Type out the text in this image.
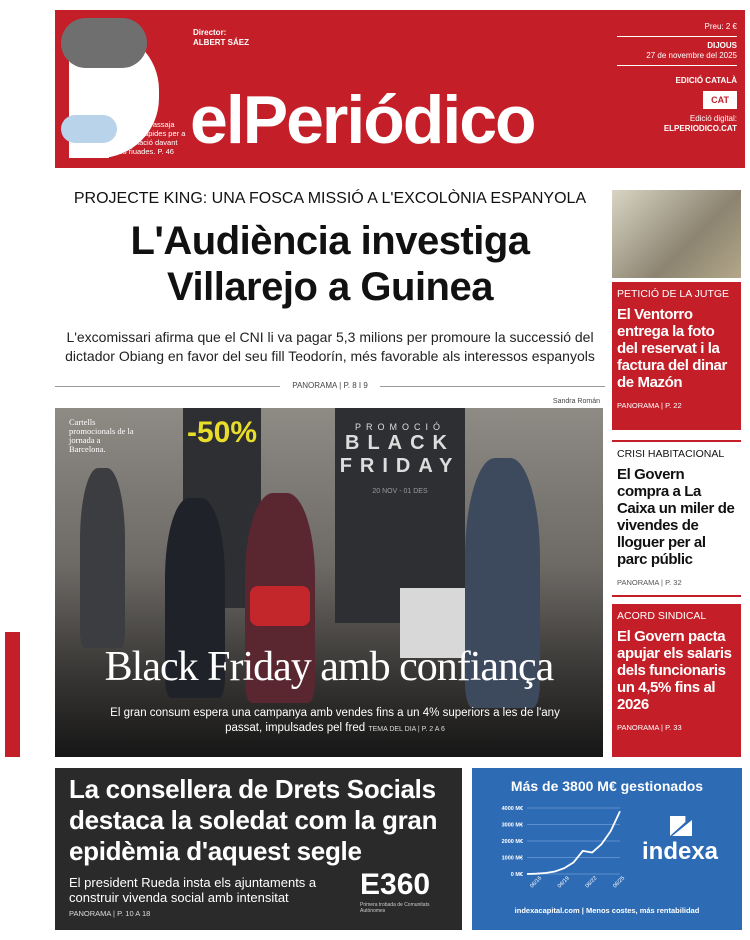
Catalunya assaja alertes ràpides per a la població davant les riuades. P. 46
Director:
ALBERT SÁEZ
elPeriódico
Preu: 2 €
DIJOUS
27 de novembre del 2025
EDICIÓ CATALÀ
CAT
Edició digital:
ELPERIODICO.CAT
PROJECTE KING: UNA FOSCA MISSIÓ A L'EXCOLÒNIA ESPANYOLA
L'Audiència investiga Villarejo a Guinea
L'excomissari afirma que el CNI li va pagar 5,3 milions per promoure la successió del dictador Obiang en favor del seu fill Teodorín, més favorable als interessos espanyols
PANORAMA | P. 8 I 9
Sandra Román
-50%	PROMOCIÓ
BLACK
FRIDAY
20 NOV - 01 DES
Cartells promocionals de la jornada a Barcelona.
Black Friday amb confiança
El gran consum espera una campanya amb vendes fins a un 4% superiors a les de l'any passat, impulsades pel fred TEMA DEL DIA | P. 2 A 6
PETICIÓ DE LA JUTGE
El Ventorro entrega la foto del reservat i la factura del dinar de Mazón
PANORAMA | P. 22
CRISI HABITACIONAL
El Govern compra a La Caixa un miler de vivendes de lloguer per al parc públic
PANORAMA | P. 32
ACORD SINDICAL
El Govern pacta apujar els salaris dels funcionaris un 4,5% fins al 2026
PANORAMA | P. 33
La consellera de Drets Socials destaca la soledat com la gran epidèmia d'aquest segle
El president Rueda insta els ajuntaments a construir vivenda social amb intensitat
PANORAMA | P. 10 A 18
E360
Primera trobada de Comunitats Autònomes
Más de 3800 M€ gestionados
4000 M€
3000 M€
2000 M€
1000 M€
0 M€
06/16 06/19 06/22 06/25
indexa
indexacapital.com | Menos costes, más rentabilidad
